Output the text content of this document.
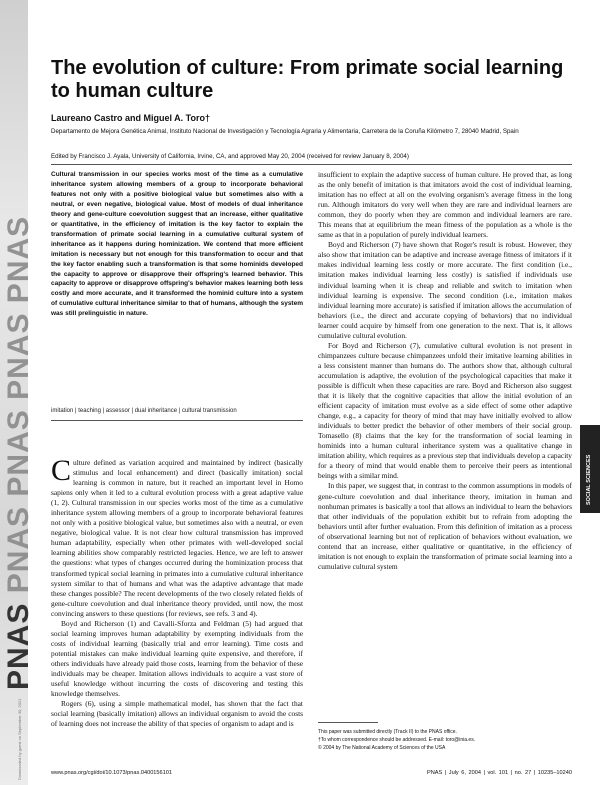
PNAS PNAS PNAS PNAS PNAS
Downloaded by guest on September 30, 2021
The evolution of culture: From primate social learning to human culture
Laureano Castro and Miguel A. Toro†
Departamento de Mejora Genética Animal, Instituto Nacional de Investigación y Tecnología Agraria y Alimentaria, Carretera de la Coruña Kilómetro 7, 28040 Madrid, Spain
Edited by Francisco J. Ayala, University of California, Irvine, CA, and approved May 20, 2004 (received for review January 8, 2004)

Cultural transmission in our species works most of the time as a cumulative inheritance system allowing members of a group to incorporate behavioral features not only with a positive biological value but sometimes also with a neutral, or even negative, biological value. Most of models of dual inheritance theory and gene-culture coevolution suggest that an increase, either qualitative or quantitative, in the efficiency of imitation is the key factor to explain the transformation of primate social learning in a cumulative cultural system of inheritance as it happens during hominization. We contend that more efficient imitation is necessary but not enough for this transformation to occur and that the key factor enabling such a transformation is that some hominids developed the capacity to approve or disapprove their offspring's learned behavior. This capacity to approve or disapprove offspring's behavior makes learning both less costly and more accurate, and it transformed the hominid culture into a system of cumulative cultural inheritance similar to that of humans, although the system was still prelinguistic in nature.

imitation | teaching | assessor | dual inheritance | cultural transmission

Culture defined as variation acquired and maintained by indirect (basically stimulus and local enhancement) and direct (basically imitation) social learning is common in nature, but it reached an important level in Homo sapiens only when it led to a cultural evolution process with a great adaptive value (1, 2). Cultural transmission in our species works most of the time as a cumulative inheritance system allowing members of a group to incorporate behavioral features not only with a positive biological value, but sometimes also with a neutral, or even negative, biological value. It is not clear how cultural transmission has improved human adaptability, especially when other primates with well-developed social learning abilities show comparably restricted legacies. Hence, we are left to answer the questions: what types of changes occurred during the hominization process that transformed typical social learning in primates into a cumulative cultural inheritance system similar to that of humans and what was the adaptive advantage that made these changes possible? The recent developments of the two closely related fields of gene-culture coevolution and dual inheritance theory provided, until now, the most convincing answers to these questions (for reviews, see refs. 3 and 4).

Boyd and Richerson (1) and Cavalli-Sforza and Feldman (5) had argued that social learning improves human adaptability by exempting individuals from the costs of individual learning (basically trial and error learning). Time costs and potential mistakes can make individual learning quite expensive, and therefore, if others individuals have already paid those costs, learning from the behavior of these individuals may be cheaper. Imitation allows individuals to acquire a vast store of useful knowledge without incurring the costs of discovering and testing this knowledge themselves.

Rogers (6), using a simple mathematical model, has shown that the fact that social learning (basically imitation) allows an individual organism to avoid the costs of learning does not increase the ability of that species of organism to adapt and is

insufficient to explain the adaptive success of human culture. He proved that, as long as the only benefit of imitation is that imitators avoid the cost of individual learning, imitation has no effect at all on the evolving organism's average fitness in the long run. Although imitators do very well when they are rare and individual learners are common, they do poorly when they are common and individual learners are rare. This means that at equilibrium the mean fitness of the population as a whole is the same as that in a population of purely individual learners.

Boyd and Richerson (7) have shown that Roger's result is robust. However, they also show that imitation can be adaptive and increase average fitness of imitators if it makes individual learning less costly or more accurate. The first condition (i.e., imitation makes individual learning less costly) is satisfied if individuals use individual learning when it is cheap and reliable and switch to imitation when individual learning is expensive. The second condition (i.e., imitation makes individual learning more accurate) is satisfied if imitation allows the accumulation of behaviors (i.e., the direct and accurate copying of behaviors) that no individual learner could acquire by himself from one generation to the next. That is, it allows cumulative cultural evolution.

For Boyd and Richerson (7), cumulative cultural evolution is not present in chimpanzees culture because chimpanzees unfold their imitative learning abilities in a less consistent manner than humans do. The authors show that, although cultural accumulation is adaptive, the evolution of the psychological capacities that make it possible is difficult when these capacities are rare. Boyd and Richerson also suggest that it is likely that the cognitive capacities that allow the initial evolution of an efficient capacity of imitation must evolve as a side effect of some other adaptive change, e.g., a capacity for theory of mind that may have initially evolved to allow individuals to better predict the behavior of other members of their social group. Tomasello (8) claims that the key for the transformation of social learning in hominids into a human cultural inheritance system was a qualitative change in imitation ability, which requires as a previous step that individuals develop a capacity for a theory of mind that would enable them to perceive their peers as intentional beings with a similar mind.

In this paper, we suggest that, in contrast to the common assumptions in models of gene-culture coevolution and dual inheritance theory, imitation in human and nonhuman primates is basically a tool that allows an individual to learn the behaviors that other individuals of the population exhibit but to refrain from adopting the behaviors until after further evaluation. From this definition of imitation as a process of observational learning but not of replication of behaviors without evaluation, we contend that an increase, either qualitative or quantitative, in the efficiency of imitation is not enough to explain the transformation of primate social learning into a cumulative cultural system

SOCIAL SCIENCES
This paper was submitted directly (Track II) to the PNAS office.
†To whom correspondence should be addressed. E-mail: toro@inia.es.
© 2004 by The National Academy of Sciences of the USA
www.pnas.org/cgi/doi/10.1073/pnas.0400156101	PNAS | July 6, 2004 | vol. 101 | no. 27 | 10235–10240
